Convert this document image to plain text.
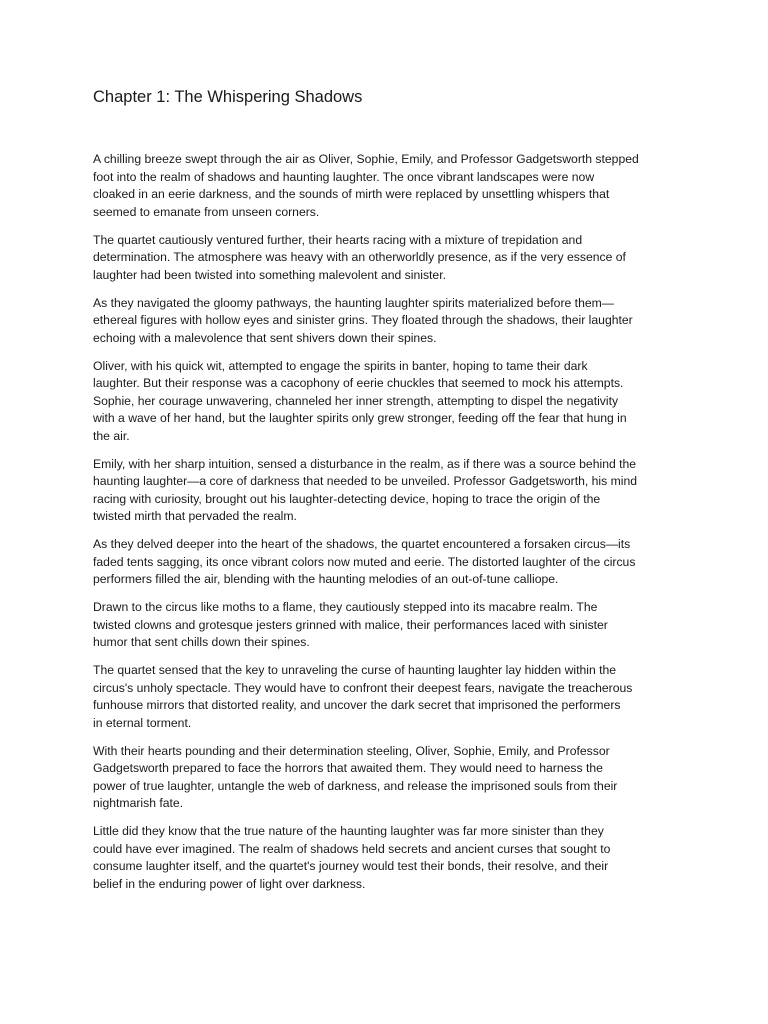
Chapter 1: The Whispering Shadows

A chilling breeze swept through the air as Oliver, Sophie, Emily, and Professor Gadgetsworth stepped
foot into the realm of shadows and haunting laughter. The once vibrant landscapes were now
cloaked in an eerie darkness, and the sounds of mirth were replaced by unsettling whispers that
seemed to emanate from unseen corners.

The quartet cautiously ventured further, their hearts racing with a mixture of trepidation and
determination. The atmosphere was heavy with an otherworldly presence, as if the very essence of
laughter had been twisted into something malevolent and sinister.

As they navigated the gloomy pathways, the haunting laughter spirits materialized before them—
ethereal figures with hollow eyes and sinister grins. They floated through the shadows, their laughter
echoing with a malevolence that sent shivers down their spines.

Oliver, with his quick wit, attempted to engage the spirits in banter, hoping to tame their dark
laughter. But their response was a cacophony of eerie chuckles that seemed to mock his attempts.
Sophie, her courage unwavering, channeled her inner strength, attempting to dispel the negativity
with a wave of her hand, but the laughter spirits only grew stronger, feeding off the fear that hung in
the air.

Emily, with her sharp intuition, sensed a disturbance in the realm, as if there was a source behind the
haunting laughter—a core of darkness that needed to be unveiled. Professor Gadgetsworth, his mind
racing with curiosity, brought out his laughter-detecting device, hoping to trace the origin of the
twisted mirth that pervaded the realm.

As they delved deeper into the heart of the shadows, the quartet encountered a forsaken circus—its
faded tents sagging, its once vibrant colors now muted and eerie. The distorted laughter of the circus
performers filled the air, blending with the haunting melodies of an out-of-tune calliope.

Drawn to the circus like moths to a flame, they cautiously stepped into its macabre realm. The
twisted clowns and grotesque jesters grinned with malice, their performances laced with sinister
humor that sent chills down their spines.

The quartet sensed that the key to unraveling the curse of haunting laughter lay hidden within the
circus's unholy spectacle. They would have to confront their deepest fears, navigate the treacherous
funhouse mirrors that distorted reality, and uncover the dark secret that imprisoned the performers
in eternal torment.

With their hearts pounding and their determination steeling, Oliver, Sophie, Emily, and Professor
Gadgetsworth prepared to face the horrors that awaited them. They would need to harness the
power of true laughter, untangle the web of darkness, and release the imprisoned souls from their
nightmarish fate.

Little did they know that the true nature of the haunting laughter was far more sinister than they
could have ever imagined. The realm of shadows held secrets and ancient curses that sought to
consume laughter itself, and the quartet's journey would test their bonds, their resolve, and their
belief in the enduring power of light over darkness.
